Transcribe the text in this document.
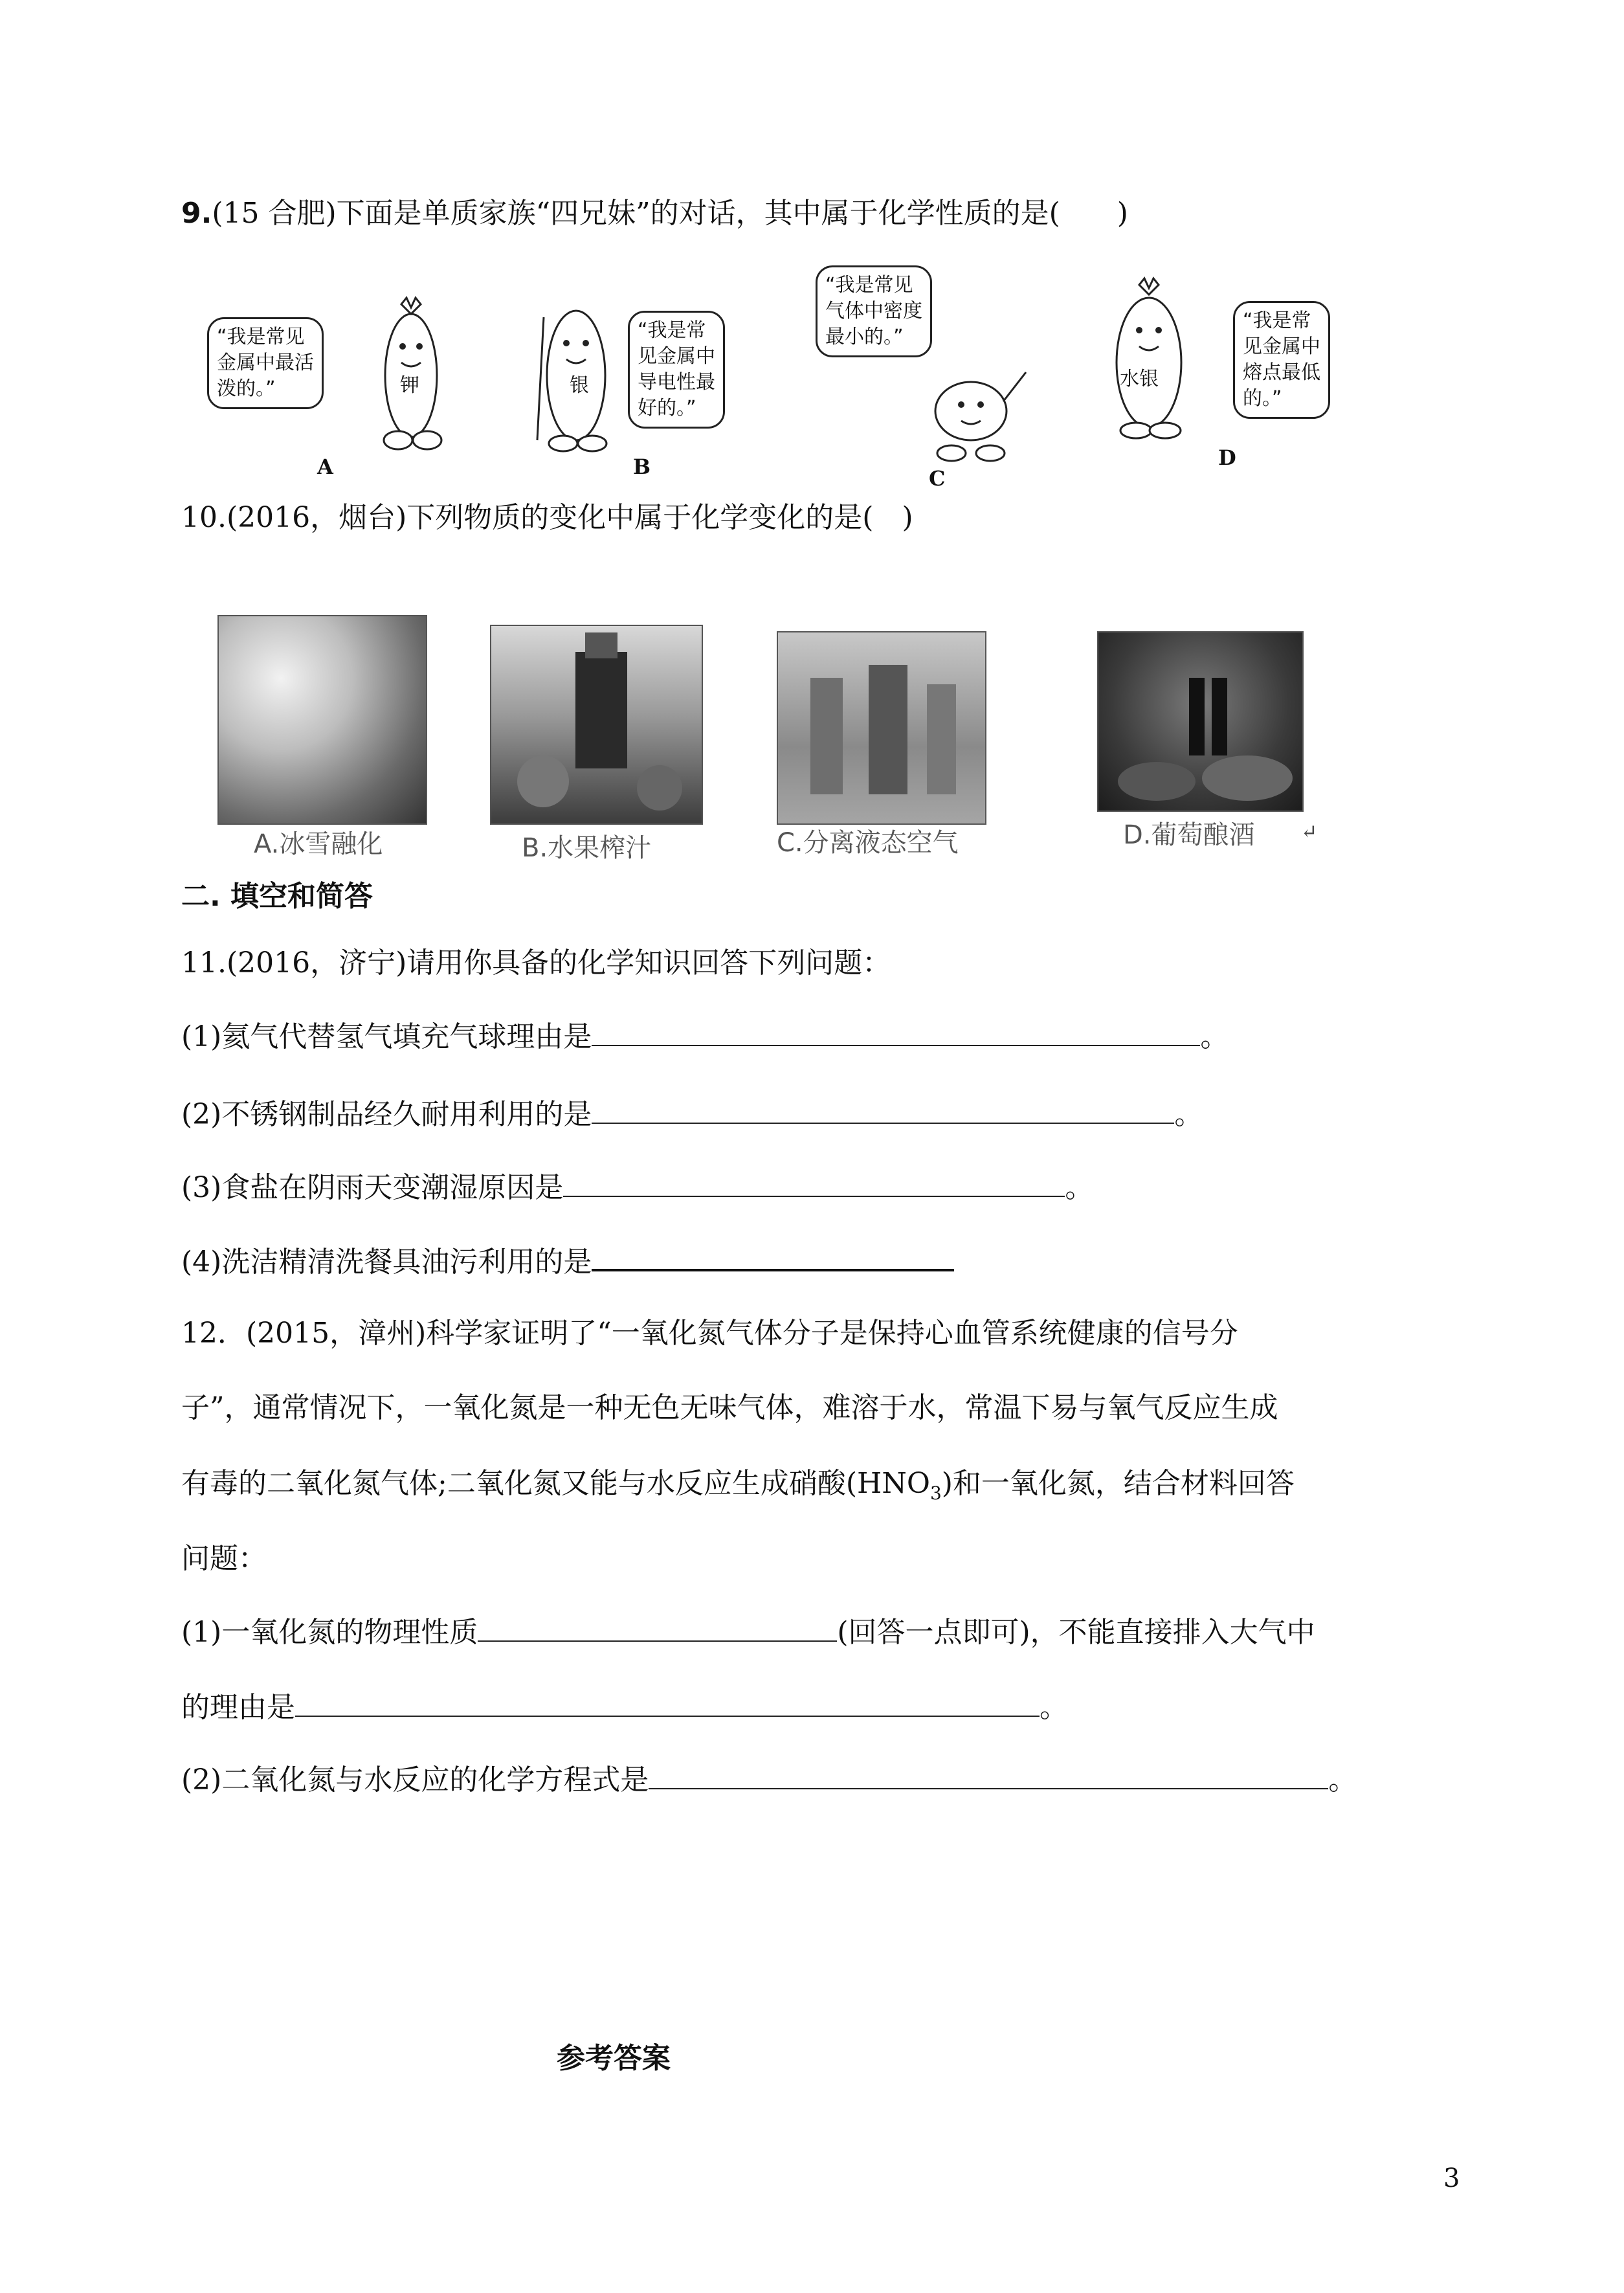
9.(15 合肥)下面是单质家族“四兄妹”的对话，其中属于化学性质的是(　　)
“我是常见
金属中最活
泼的。”	钾
A
银
“我是常
见金属中
导电性最
好的。”
B
“我是常见
气体中密度
最小的。”
C
水银
“我是常
见金属中
熔点最低
的。”
D
10.(2016，烟台)下列物质的变化中属于化学变化的是(　)
A.冰雪融化	B.水果榨汁	C.分离液态空气	D.葡萄酿酒 ↵
二. 填空和简答
11.(2016，济宁)请用你具备的化学知识回答下列问题：
(1)氦气代替氢气填充气球理由是	。
(2)不锈钢制品经久耐用利用的是	。
(3)食盐在阴雨天变潮湿原因是	。
(4)洗洁精清洗餐具油污利用的是
12．(2015，漳州)科学家证明了“一氧化氮气体分子是保持心血管系统健康的信号分
子”，通常情况下，一氧化氮是一种无色无味气体，难溶于水，常温下易与氧气反应生成
有毒的二氧化氮气体;二氧化氮又能与水反应生成硝酸$(HNO_3)$和一氧化氮，结合材料回答
问题：
(1)一氧化氮的物理性质	(回答一点即可)，不能直接排入大气中
的理由是	。
(2)二氧化氮与水反应的化学方程式是	。
参考答案
3
